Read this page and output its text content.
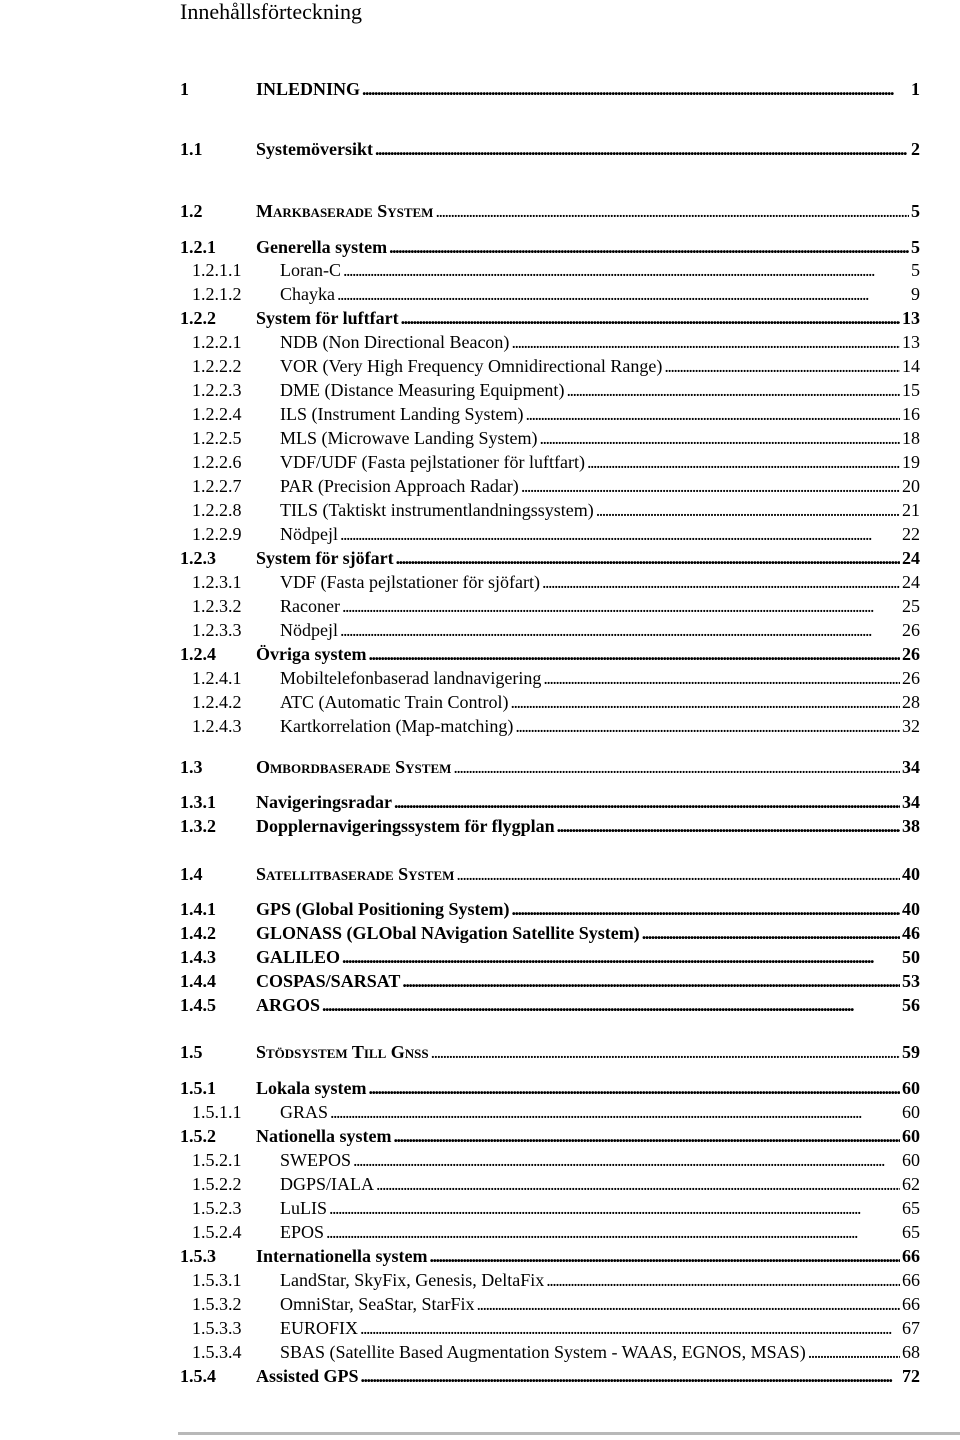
Innehållsförteckning
1	INLEDNING . . .	1
1.1	Systemöversikt . . .	2
1.2	MARKBASERADE SYSTEM . . .	5
1.2.1 Generella system . . .	5
1.2.1.1 Loran-C . . .	5
1.2.1.2 Chayka . . .	9
1.2.2 System för luftfart . . .	13
1.2.2.1 NDB (Non Directional Beacon) . . .	13
1.2.2.2 VOR (Very High Frequency Omnidirectional Range) . . .	14
1.2.2.3 DME (Distance Measuring Equipment) . . .	15
1.2.2.4 ILS (Instrument Landing System) . . .	16
1.2.2.5 MLS (Microwave Landing System) . . .	18
1.2.2.6 VDF/UDF (Fasta pejlstationer för luftfart) . . .	19
1.2.2.7 PAR (Precision Approach Radar) . . .	20
1.2.2.8 TILS (Taktiskt instrumentlandningssystem) . . .	21
1.2.2.9 Nödpejl . . .	22
1.2.3 System för sjöfart . . .	24
1.2.3.1 VDF (Fasta pejlstationer för sjöfart) . . .	24
1.2.3.2 Raconer . . .	25
1.2.3.3 Nödpejl . . .	26
1.2.4 Övriga system . . .	26
1.2.4.1 Mobiltelefonbaserad landnavigering . . .	26
1.2.4.2 ATC (Automatic Train Control) . . .	28
1.2.4.3 Kartkorrelation (Map-matching) . . .	32
1.3	OMBORDBASERADE SYSTEM . . .	34
1.3.1 Navigeringsradar . . .	34
1.3.2 Dopplernavigeringssystem för flygplan . . .	38
1.4	SATELLITBASERADE SYSTEM . . .	40
1.4.1 GPS (Global Positioning System) . . .	40
1.4.2 GLONASS (GLObal NAvigation Satellite System) . . .	46
1.4.3 GALILEO . . .	50
1.4.4 COSPAS/SARSAT . . .	53
1.4.5 ARGOS . . .	56
1.5	STÖDSYSTEM TILL GNSS . . .	59
1.5.1 Lokala system . . .	60
1.5.1.1 GRAS . . .	60
1.5.2 Nationella system . . .	60
1.5.2.1 SWEPOS . . .	60
1.5.2.2 DGPS/IALA . . .	62
1.5.2.3 LuLIS . . .	65
1.5.2.4 EPOS . . .	65
1.5.3 Internationella system . . .	66
1.5.3.1 LandStar, SkyFix, Genesis, DeltaFix . . .	66
1.5.3.2 OmniStar, SeaStar, StarFix . . .	66
1.5.3.3 EUROFIX . . .	67
1.5.3.4 SBAS (Satellite Based Augmentation System - WAAS, EGNOS, MSAS) . . .	68
1.5.4 Assisted GPS . . .	72
